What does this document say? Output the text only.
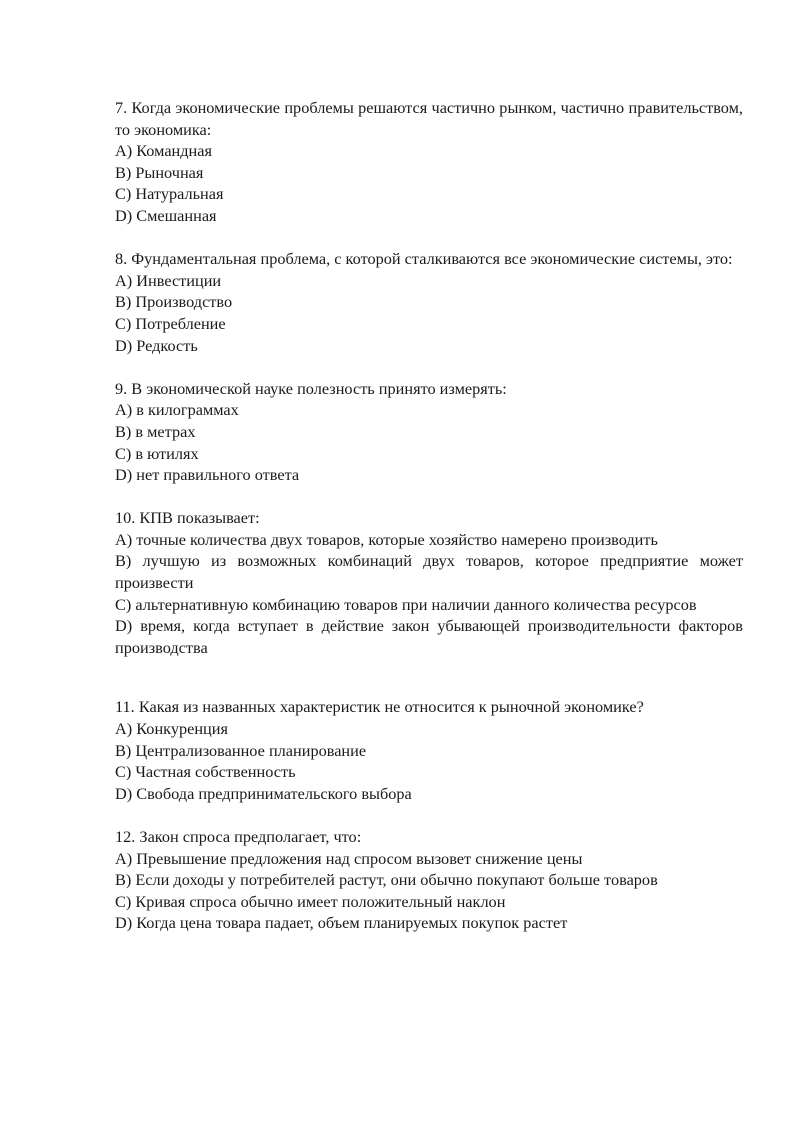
7. Когда экономические проблемы решаются частично рынком, частично правительством, то экономика:

A) Командная
B) Рыночная
C) Натуральная
D) Смешанная

8. Фундаментальная проблема, с которой сталкиваются все экономические системы, это:

A) Инвестиции
B) Производство
C) Потребление
D) Редкость

9. В экономической науке полезность принято измерять:

A) в килограммах
B) в метрах
C) в ютилях
D) нет правильного ответа

10. КПВ показывает:

A) точные количества двух товаров, которые хозяйство намерено производить
B) лучшую из возможных комбинаций двух товаров, которое предприятие может произвести
C) альтернативную комбинацию товаров при наличии данного количества ресурсов
D) время, когда вступает в действие закон убывающей производительности факторов производства

11. Какая из названных характеристик не относится к рыночной экономике?

A) Конкуренция
B) Централизованное планирование
C) Частная собственность
D) Свобода предпринимательского выбора

12. Закон спроса предполагает, что:

A) Превышение предложения над спросом вызовет снижение цены
B) Если доходы у потребителей растут, они обычно покупают больше товаров
C) Кривая спроса обычно имеет положительный наклон
D) Когда цена товара падает, объем планируемых покупок растет
